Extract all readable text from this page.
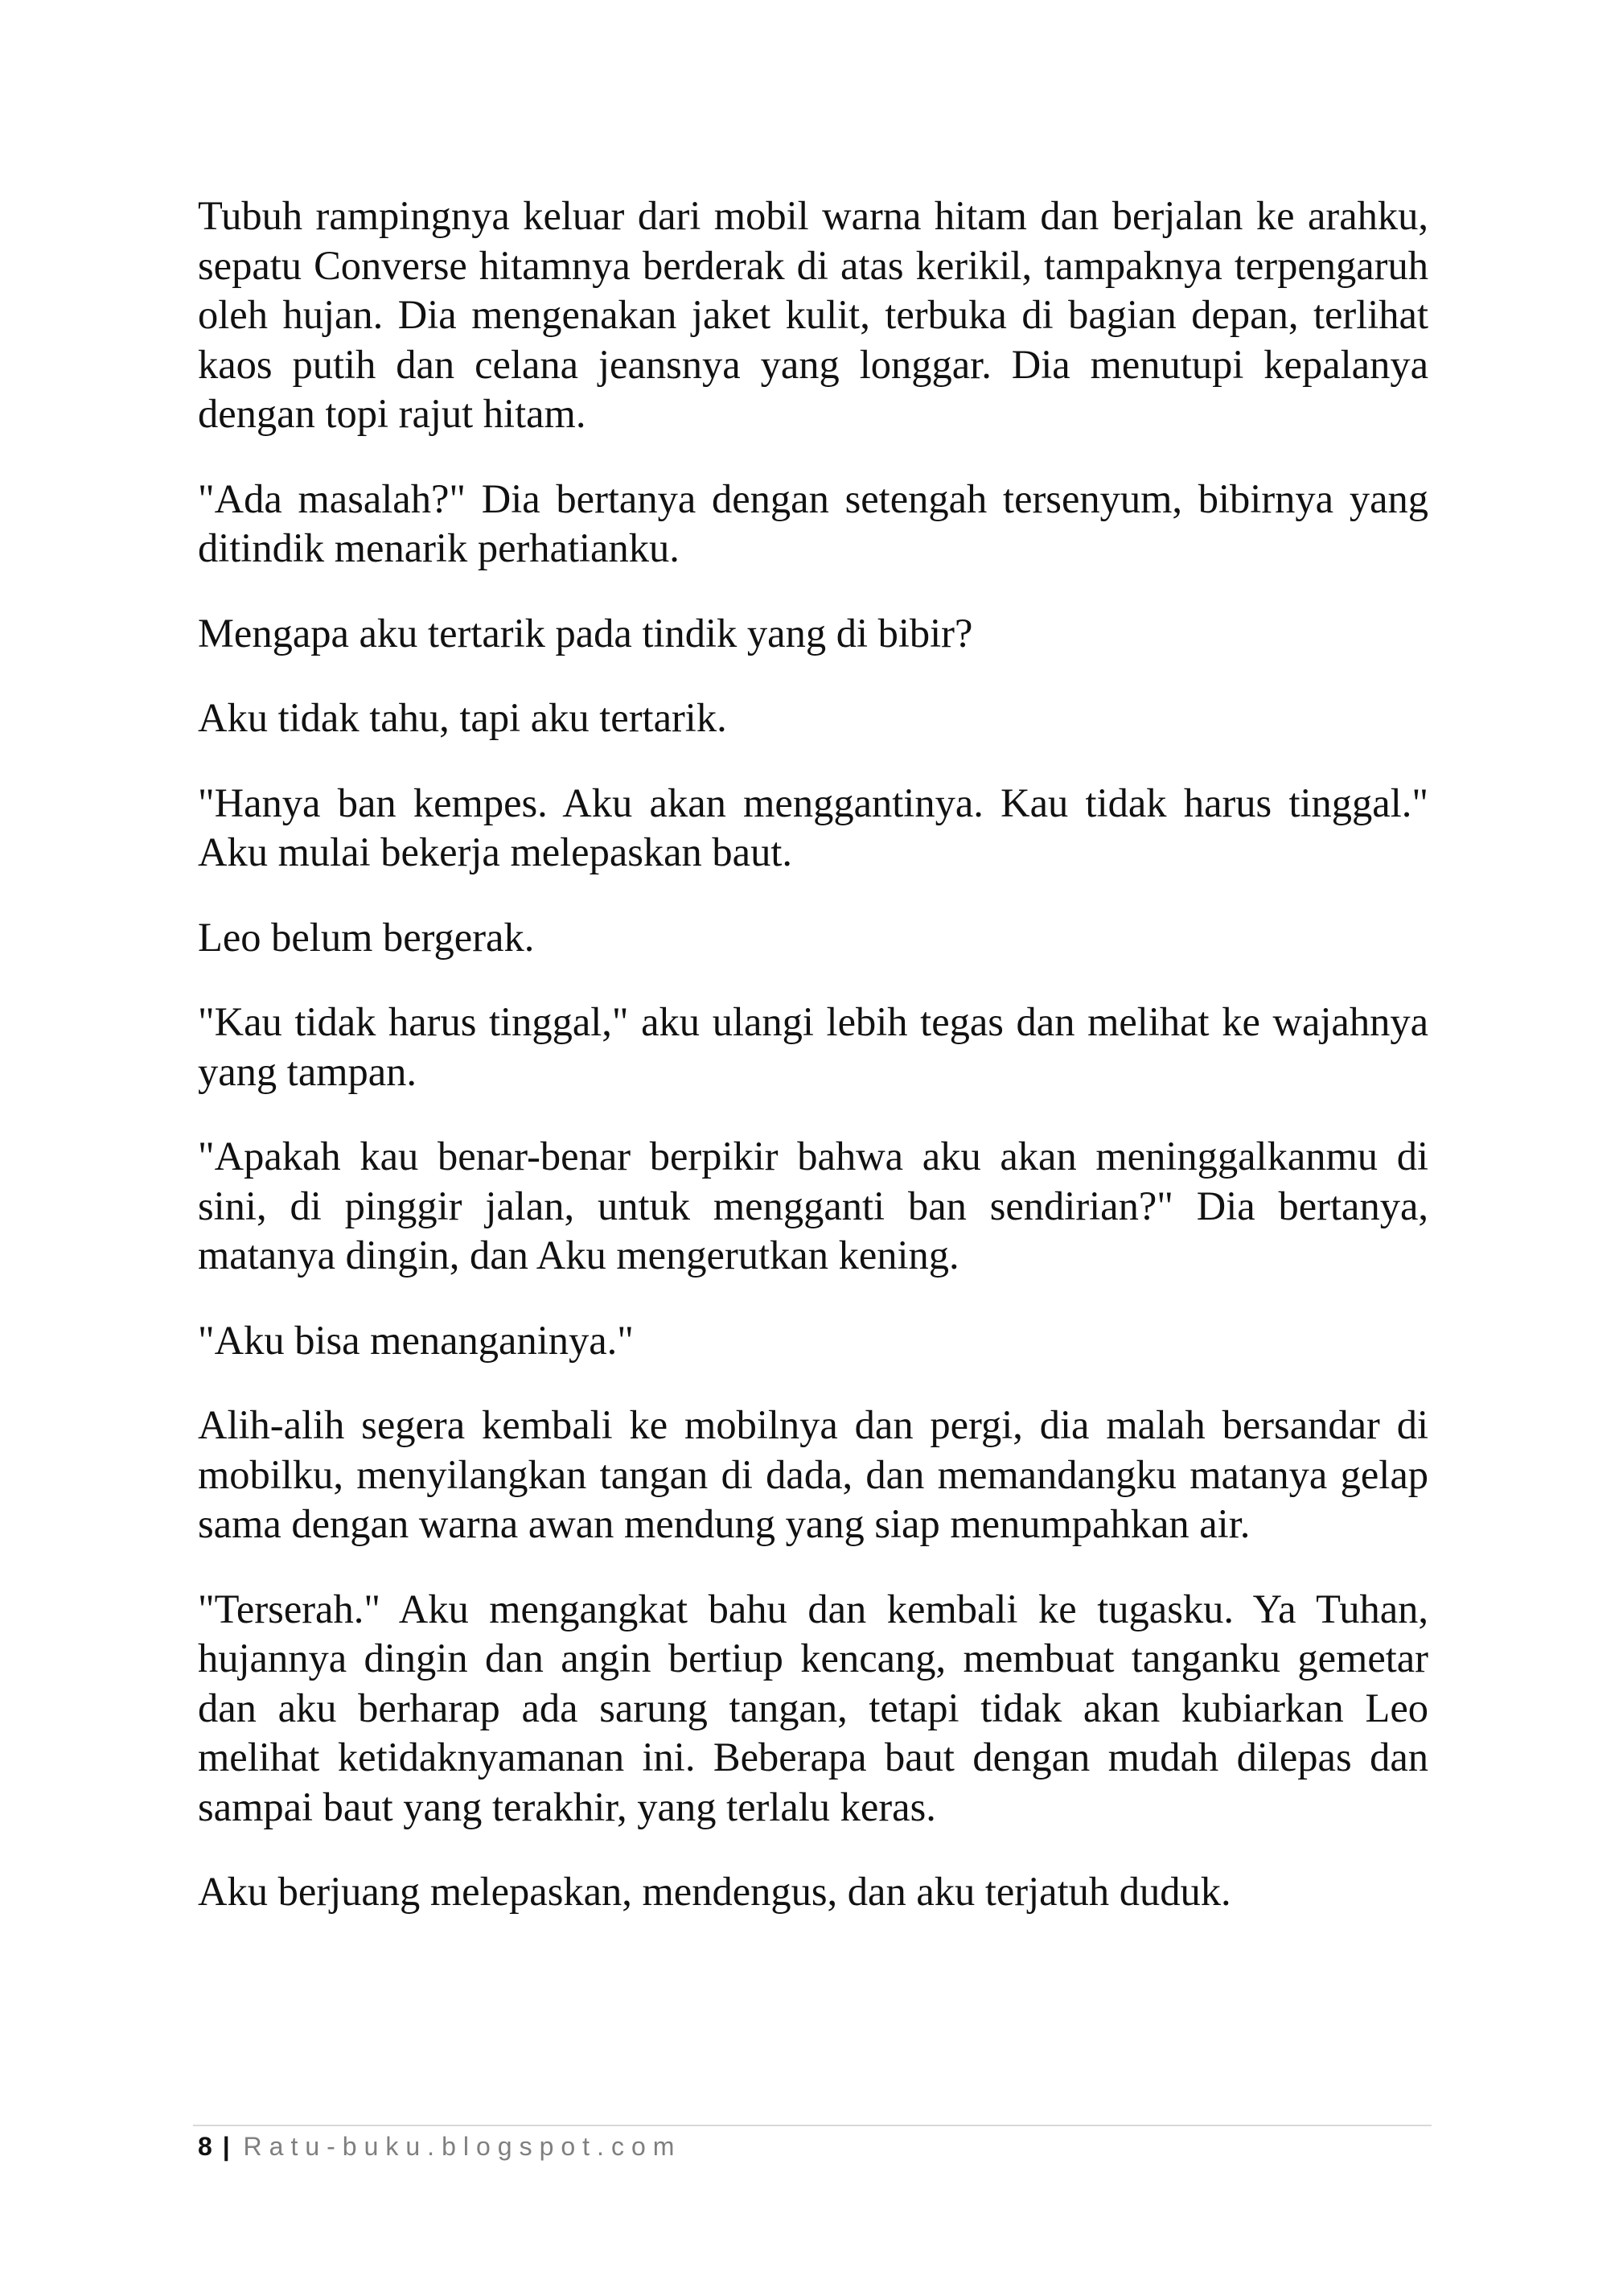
Tubuh rampingnya keluar dari mobil warna hitam dan berjalan ke arahku, sepatu Converse hitamnya berderak di atas kerikil, tampaknya terpengaruh oleh hujan. Dia mengenakan jaket kulit, terbuka di bagian depan, terlihat kaos putih dan celana jeansnya yang longgar. Dia menutupi kepalanya dengan topi rajut hitam.

"Ada masalah?" Dia bertanya dengan setengah tersenyum, bibirnya yang ditindik menarik perhatianku.

Mengapa aku tertarik pada tindik yang di bibir?

Aku tidak tahu, tapi aku tertarik.

"Hanya ban kempes. Aku akan menggantinya. Kau tidak harus tinggal." Aku mulai bekerja melepaskan baut.

Leo belum bergerak.

"Kau tidak harus tinggal," aku ulangi lebih tegas dan melihat ke wajahnya yang tampan.

"Apakah kau benar-benar berpikir bahwa aku akan meninggalkanmu di sini, di pinggir jalan, untuk mengganti ban sendirian?" Dia bertanya, matanya dingin, dan Aku mengerutkan kening.

"Aku bisa menanganinya."

Alih-alih segera kembali ke mobilnya dan pergi, dia malah bersandar di mobilku, menyilangkan tangan di dada, dan memandangku matanya gelap sama dengan warna awan mendung yang siap menumpahkan air.

"Terserah." Aku mengangkat bahu dan kembali ke tugasku. Ya Tuhan, hujannya dingin dan angin bertiup kencang, membuat tanganku gemetar dan aku berharap ada sarung tangan, tetapi tidak akan kubiarkan Leo melihat ketidaknyamanan ini. Beberapa baut dengan mudah dilepas dan sampai baut yang terakhir, yang terlalu keras.

Aku berjuang melepaskan, mendengus, dan aku terjatuh duduk.

8 | Ratu-buku.blogspot.com
